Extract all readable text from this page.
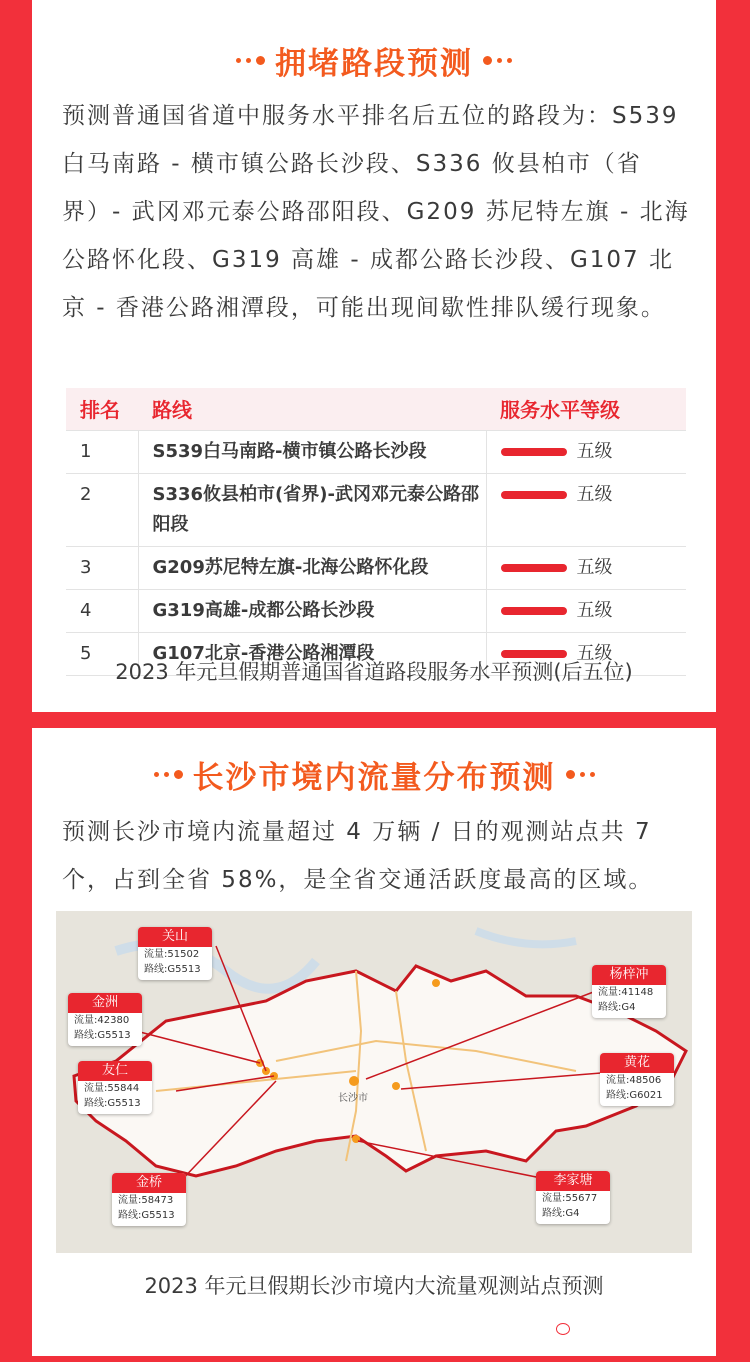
拥堵路段预测
预测普通国省道中服务水平排名后五位的路段为：S539 白马南路 - 横市镇公路长沙段、S336 攸县柏市（省界）- 武冈邓元泰公路邵阳段、G209 苏尼特左旗 - 北海公路怀化段、G319 高雄 - 成都公路长沙段、G107 北京 - 香港公路湘潭段，可能出现间歇性排队缓行现象。
排名	路线	服务水平等级
1	S539白马南路-横市镇公路长沙段	五级

2	S336攸县柏市(省界)-武冈邓元泰公路邵阳段	五级

3	G209苏尼特左旗-北海公路怀化段	五级

4	G319高雄-成都公路长沙段	五级

5	G107北京-香港公路湘潭段	五级
2023 年元旦假期普通国省道路段服务水平预测(后五位)
长沙市境内流量分布预测
预测长沙市境内流量超过 4 万辆 / 日的观测站点共 7 个，占到全省 58%，是全省交通活跃度最高的区域。
关山
流量:51502
路线:G5513
金洲
流量:42380
路线:G5513
友仁
流量:55844
路线:G5513
金桥
流量:58473
路线:G5513
杨梓冲
流量:41148
路线:G4
黄花
流量:48506
路线:G6021
李家塘
流量:55677
路线:G4
长沙市
2023 年元旦假期长沙市境内大流量观测站点预测
湖南交通运输统计
